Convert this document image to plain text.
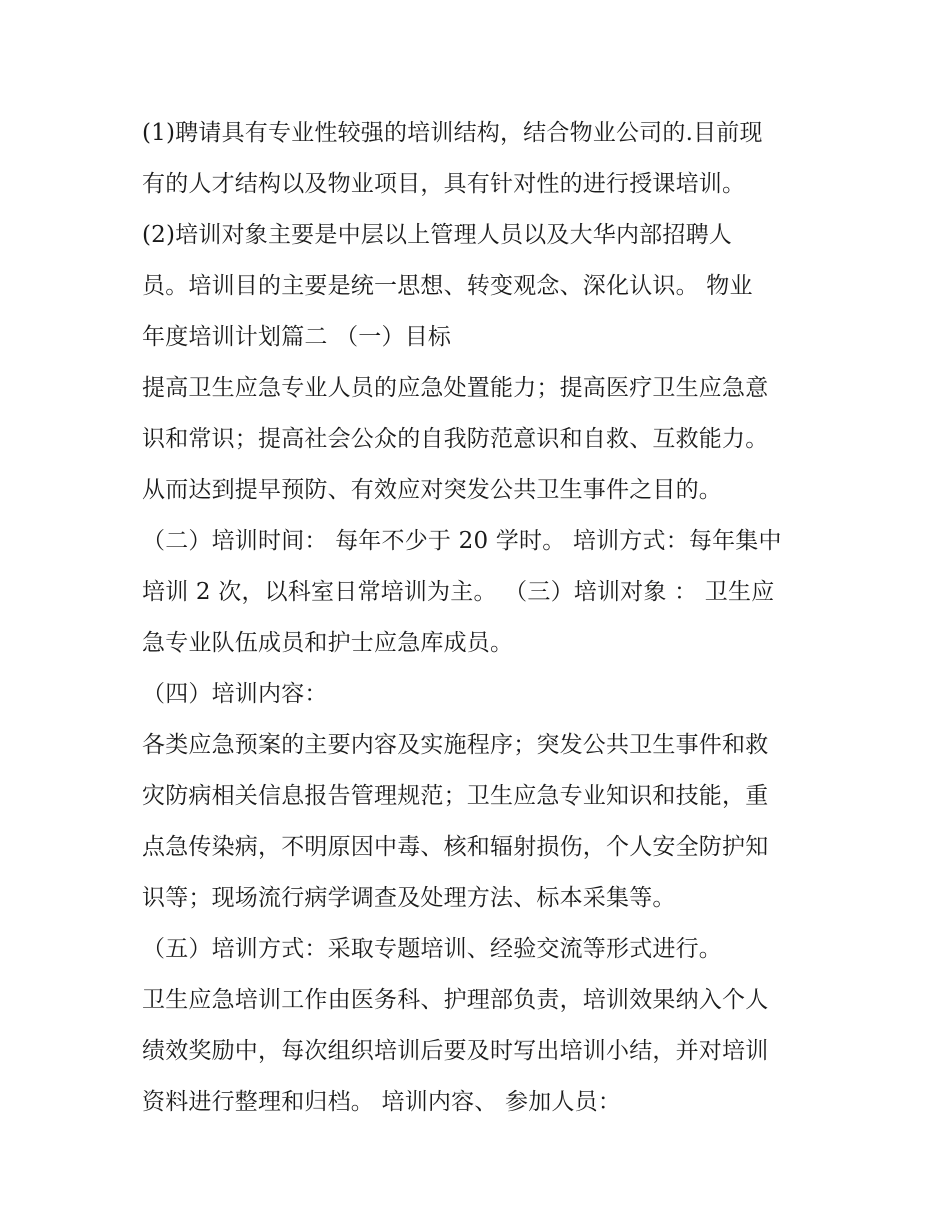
(1)聘请具有专业性较强的培训结构，结合物业公司的.目前现
有的人才结构以及物业项目，具有针对性的进行授课培训。
(2)培训对象主要是中层以上管理人员以及大华内部招聘人
员。培训目的主要是统一思想、转变观念、深化认识。 物业
年度培训计划篇二 （一）目标
提高卫生应急专业人员的应急处置能力；提高医疗卫生应急意
识和常识；提高社会公众的自我防范意识和自救、互救能力。
从而达到提早预防、有效应对突发公共卫生事件之目的。
（二）培训时间： 每年不少于 20 学时。 培训方式：每年集中
培训 2 次，以科室日常培训为主。 （三）培训对象 ： 卫生应
急专业队伍成员和护士应急库成员。
（四）培训内容：
各类应急预案的主要内容及实施程序；突发公共卫生事件和救
灾防病相关信息报告管理规范；卫生应急专业知识和技能，重
点急传染病，不明原因中毒、核和辐射损伤，个人安全防护知
识等；现场流行病学调查及处理方法、标本采集等。
（五）培训方式：采取专题培训、经验交流等形式进行。
卫生应急培训工作由医务科、护理部负责，培训效果纳入个人
绩效奖励中，每次组织培训后要及时写出培训小结，并对培训
资料进行整理和归档。 培训内容、 参加人员：
